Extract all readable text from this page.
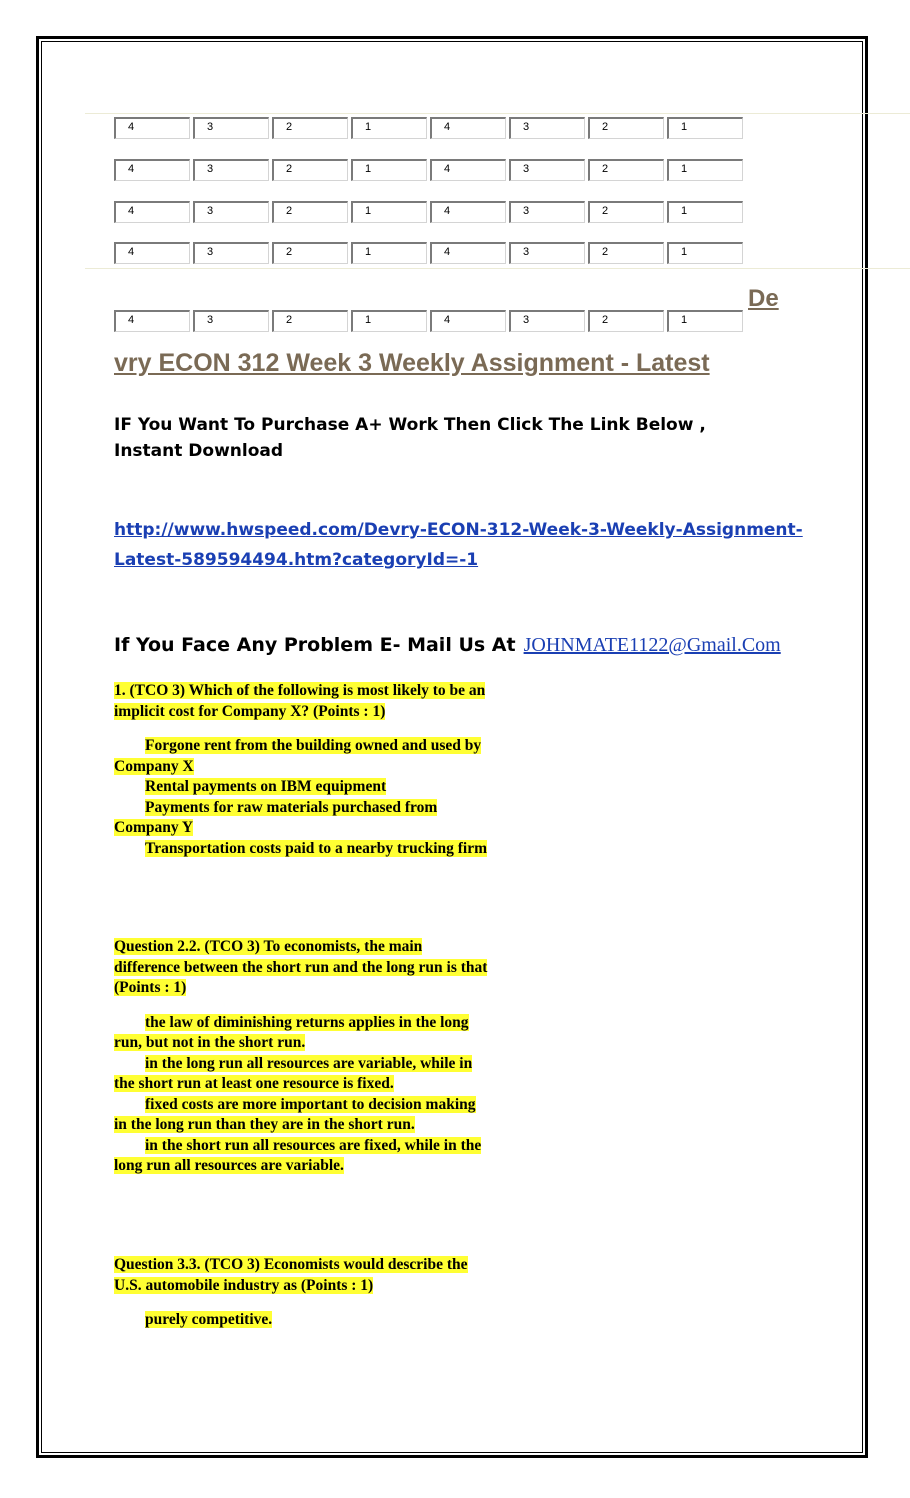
4	3	2	1	4	3	2	1
4	3	2	1	4	3	2	1
4	3	2	1	4	3	2	1
4	3	2	1	4	3	2	1
4	3	2	1	4	3	2	1
De
vry ECON 312 Week 3 Weekly Assignment - Latest
IF You Want To Purchase A+ Work Then Click The Link Below , Instant Download
http://www.hwspeed.com/Devry-ECON-312-Week-3-Weekly-Assignment-Latest-589594494.htm?categoryId=-1
If You Face Any Problem E- Mail Us At JOHNMATE1122@Gmail.Com
1. (TCO 3) Which of the following is most likely to be an implicit cost for Company X? (Points : 1)
Forgone rent from the building owned and used by Company X
Rental payments on IBM equipment
Payments for raw materials purchased from Company Y
Transportation costs paid to a nearby trucking firm
Question 2.2. (TCO 3) To economists, the main difference between the short run and the long run is that (Points : 1)
the law of diminishing returns applies in the long run, but not in the short run.
in the long run all resources are variable, while in the short run at least one resource is fixed.
fixed costs are more important to decision making in the long run than they are in the short run.
in the short run all resources are fixed, while in the long run all resources are variable.
Question 3.3. (TCO 3) Economists would describe the U.S. automobile industry as (Points : 1)
purely competitive.
